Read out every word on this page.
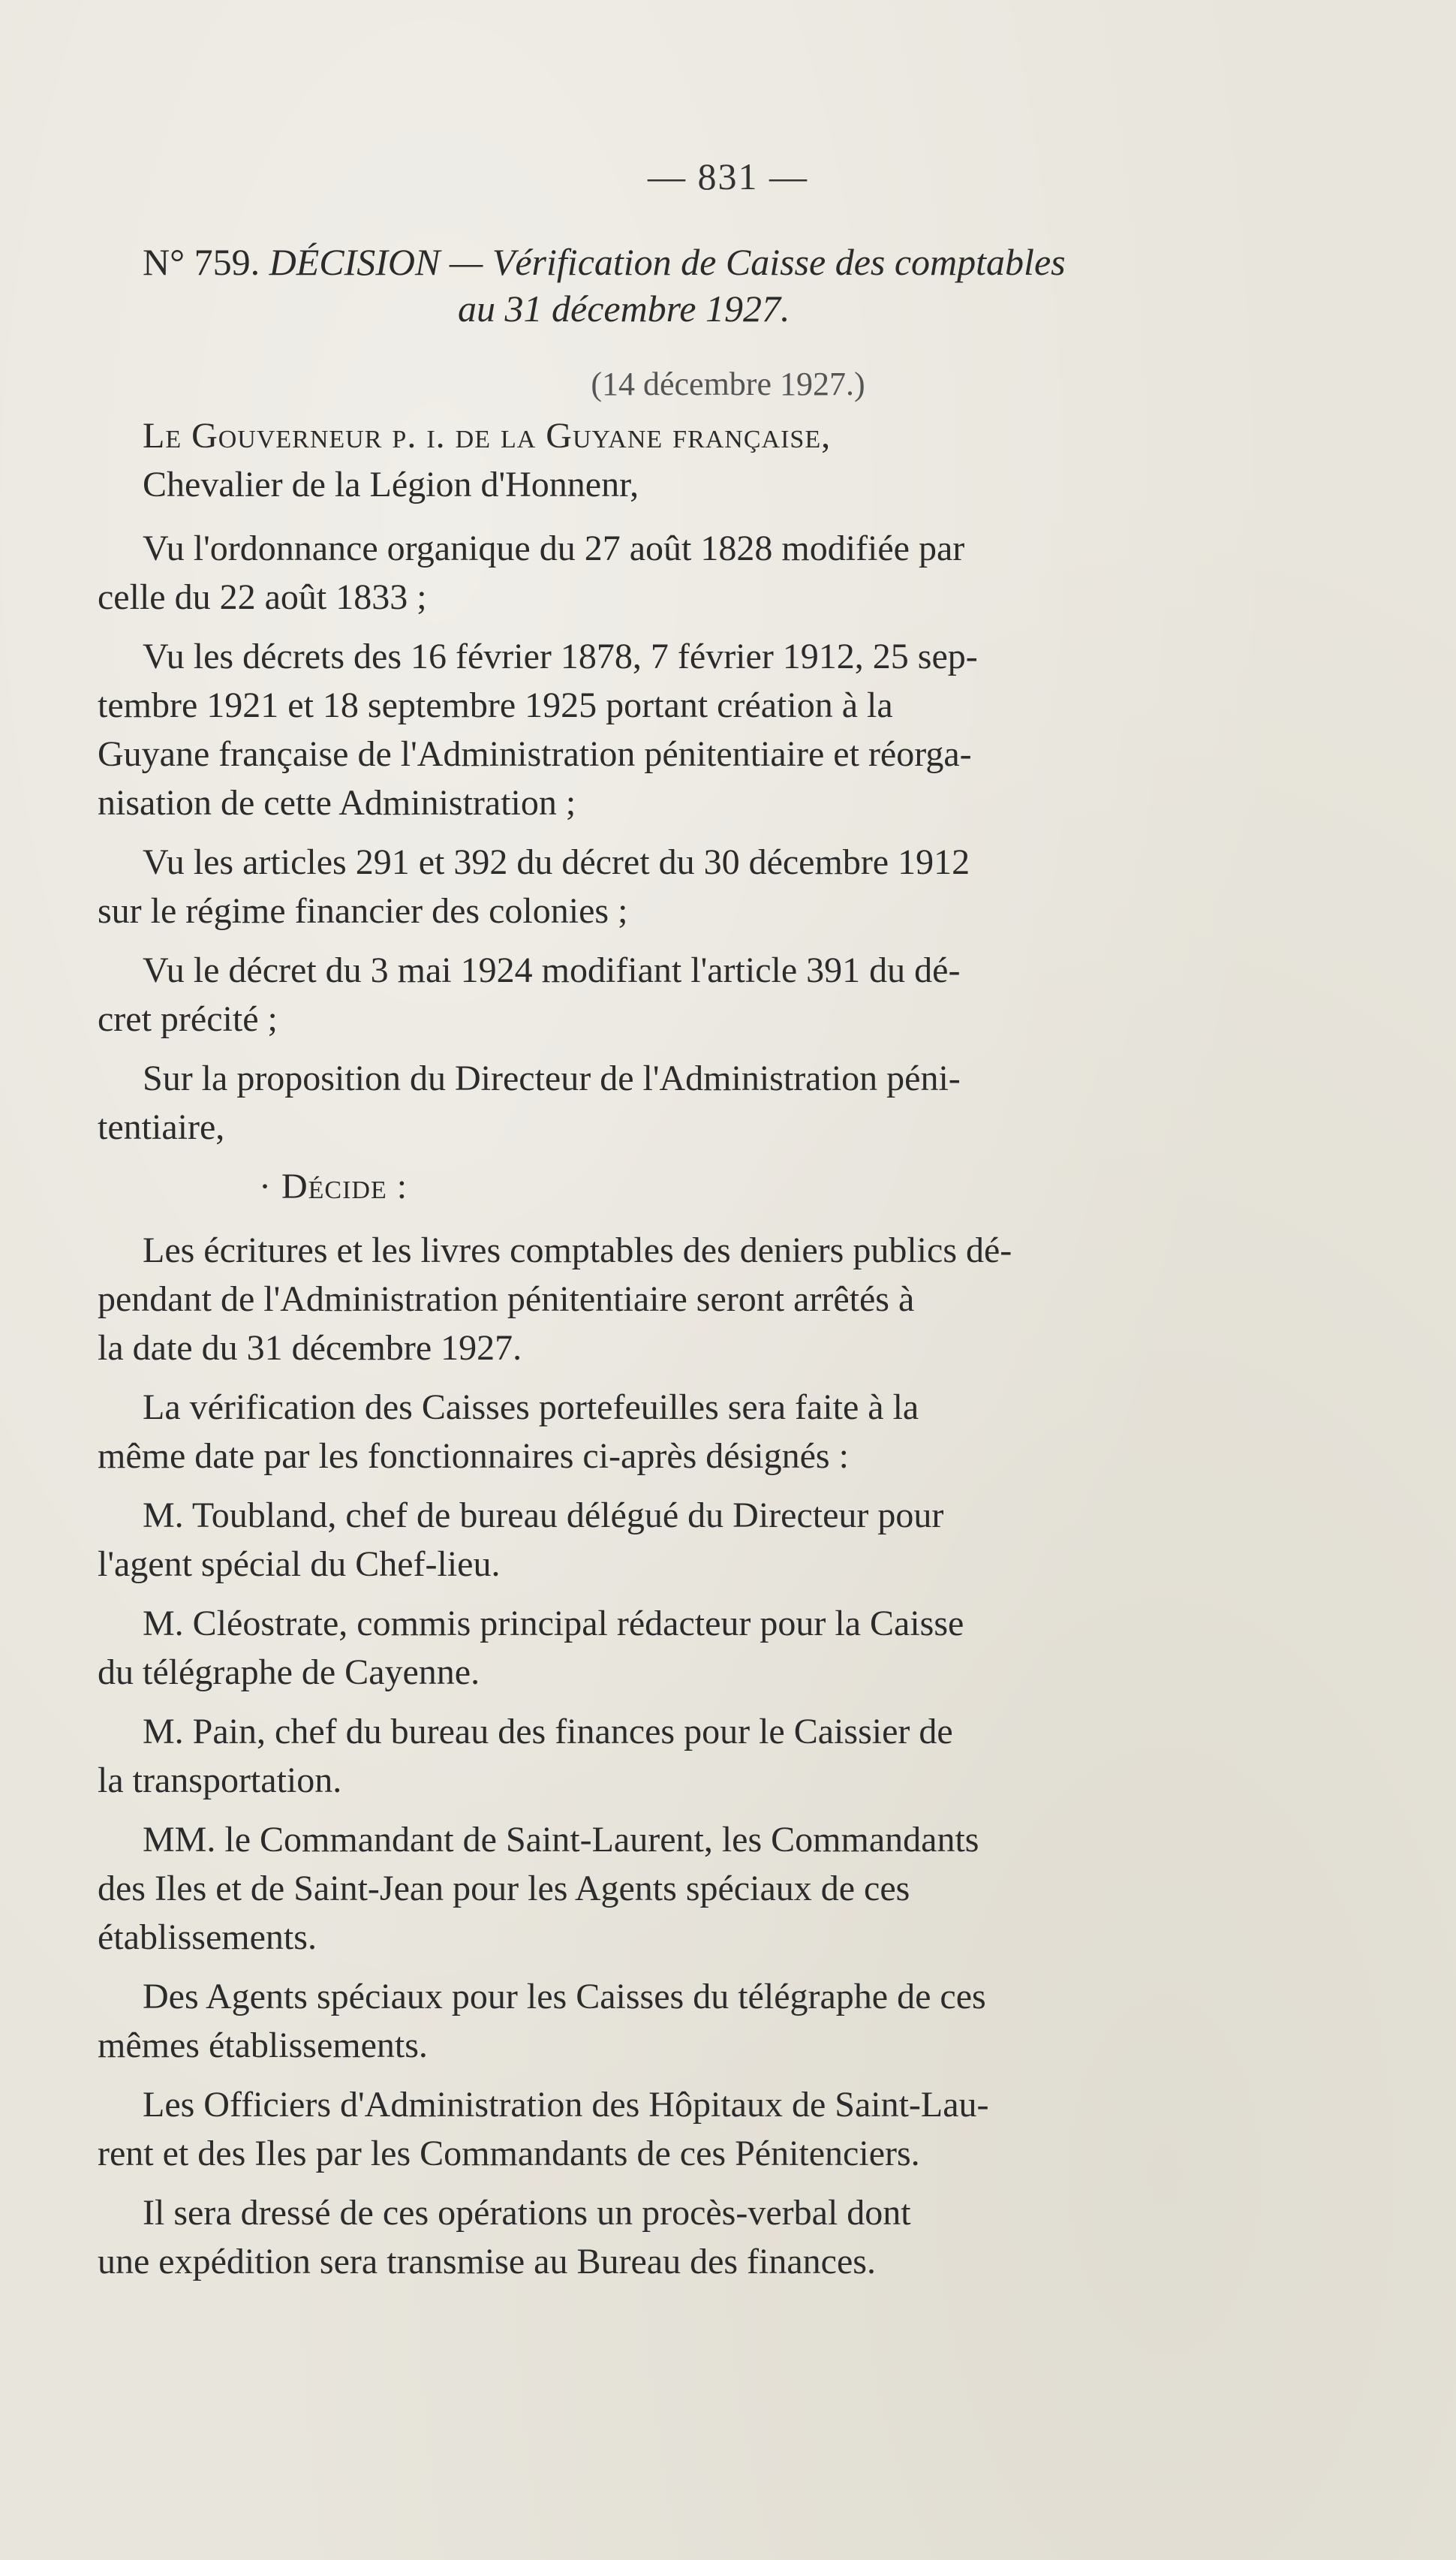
— 831 —
N° 759. DÉCISION — Vérification de Caisse des comptables
au 31 décembre 1927.
(14 décembre 1927.)
Le Gouverneur p. i. de la Guyane française,
Chevalier de la Légion d'Honnenr,
Vu l'ordonnance organique du 27 août 1828 modifiée par
celle du 22 août 1833 ;
Vu les décrets des 16 février 1878, 7 février 1912, 25 sep-
tembre 1921 et 18 septembre 1925 portant création à la
Guyane française de l'Administration pénitentiaire et réorga-
nisation de cette Administration ;
Vu les articles 291 et 392 du décret du 30 décembre 1912
sur le régime financier des colonies ;
Vu le décret du 3 mai 1924 modifiant l'article 391 du dé-
cret précité ;
Sur la proposition du Directeur de l'Administration péni-
tentiaire,
· Décide :
Les écritures et les livres comptables des deniers publics dé-
pendant de l'Administration pénitentiaire seront arrêtés à
la date du 31 décembre 1927.
La vérification des Caisses portefeuilles sera faite à la
même date par les fonctionnaires ci-après désignés :
M. Toubland, chef de bureau délégué du Directeur pour
l'agent spécial du Chef-lieu.
M. Cléostrate, commis principal rédacteur pour la Caisse
du télégraphe de Cayenne.
M. Pain, chef du bureau des finances pour le Caissier de
la transportation.
MM. le Commandant de Saint-Laurent, les Commandants
des Iles et de Saint-Jean pour les Agents spéciaux de ces
établissements.
Des Agents spéciaux pour les Caisses du télégraphe de ces
mêmes établissements.
Les Officiers d'Administration des Hôpitaux de Saint-Lau-
rent et des Iles par les Commandants de ces Pénitenciers.
Il sera dressé de ces opérations un procès-verbal dont
une expédition sera transmise au Bureau des finances.
